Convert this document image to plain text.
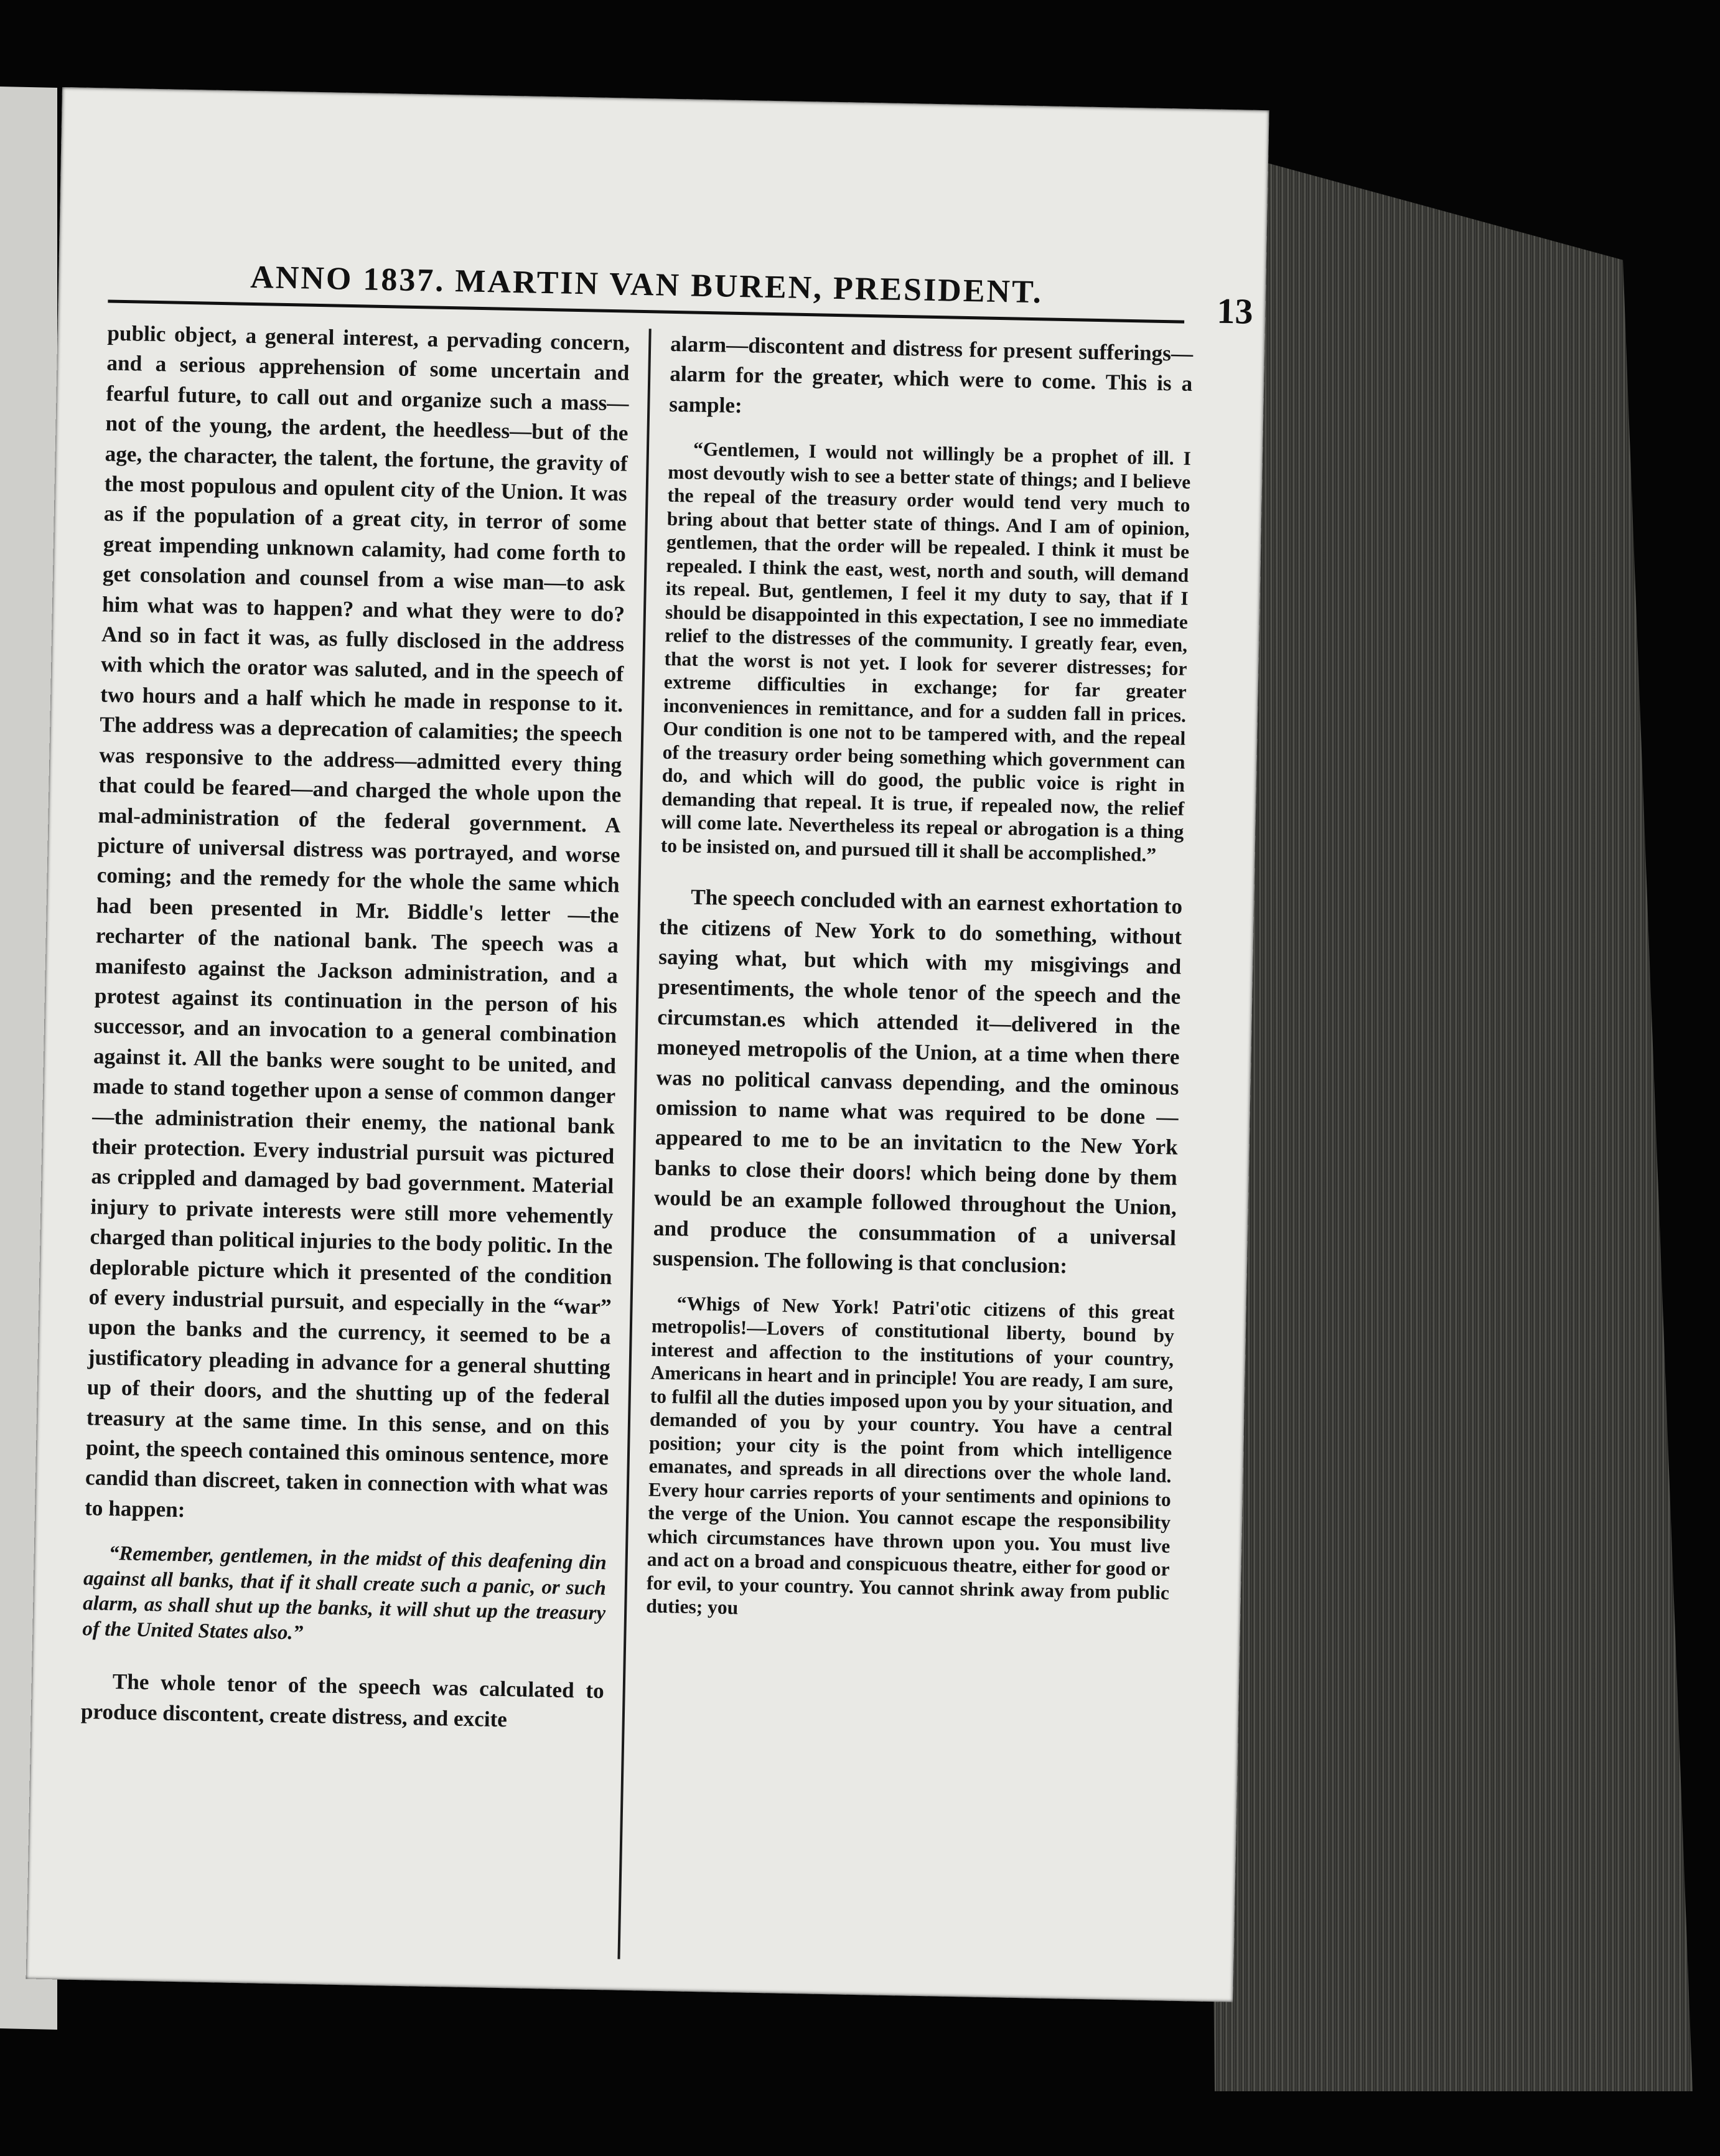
ANNO 1837. MARTIN VAN BUREN, PRESIDENT.
13

public object, a general interest, a pervading concern, and a serious apprehension of some uncertain and fearful future, to call out and organize such a mass—not of the young, the ardent, the heedless—but of the age, the character, the talent, the fortune, the gravity of the most populous and opulent city of the Union. It was as if the population of a great city, in terror of some great impending unknown calamity, had come forth to get consolation and counsel from a wise man—to ask him what was to happen? and what they were to do? And so in fact it was, as fully disclosed in the address with which the orator was saluted, and in the speech of two hours and a half which he made in response to it. The address was a deprecation of calamities; the speech was responsive to the address—admitted every thing that could be feared—and charged the whole upon the mal-administration of the federal government. A picture of universal distress was portrayed, and worse coming; and the remedy for the whole the same which had been presented in Mr. Biddle's letter —the recharter of the national bank. The speech was a manifesto against the Jackson administration, and a protest against its continuation in the person of his successor, and an invocation to a general combination against it. All the banks were sought to be united, and made to stand together upon a sense of common danger—the administration their enemy, the national bank their protection. Every industrial pursuit was pictured as crippled and damaged by bad government. Material injury to private interests were still more vehemently charged than political injuries to the body politic. In the deplorable picture which it presented of the condition of every industrial pursuit, and especially in the “war” upon the banks and the currency, it seemed to be a justificatory pleading in advance for a general shutting up of their doors, and the shutting up of the federal treasury at the same time. In this sense, and on this point, the speech contained this ominous sentence, more candid than discreet, taken in connection with what was to happen:

“Remember, gentlemen, in the midst of this deafening din against all banks, that if it shall create such a panic, or such alarm, as shall shut up the banks, it will shut up the treasury of the United States also.”

The whole tenor of the speech was calculated to produce discontent, create distress, and excite

alarm—discontent and distress for present sufferings—alarm for the greater, which were to come. This is a sample:

“Gentlemen, I would not willingly be a prophet of ill. I most devoutly wish to see a better state of things; and I believe the repeal of the treasury order would tend very much to bring about that better state of things. And I am of opinion, gentlemen, that the order will be repealed. I think it must be repealed. I think the east, west, north and south, will demand its repeal. But, gentlemen, I feel it my duty to say, that if I should be disappointed in this expectation, I see no immediate relief to the distresses of the community. I greatly fear, even, that the worst is not yet. I look for severer distresses; for extreme difficulties in exchange; for far greater inconveniences in remittance, and for a sudden fall in prices. Our condition is one not to be tampered with, and the repeal of the treasury order being something which government can do, and which will do good, the public voice is right in demanding that repeal. It is true, if repealed now, the relief will come late. Nevertheless its repeal or abrogation is a thing to be insisted on, and pursued till it shall be accomplished.”

The speech concluded with an earnest exhortation to the citizens of New York to do something, without saying what, but which with my misgivings and presentiments, the whole tenor of the speech and the circumstan.es which attended it—delivered in the moneyed metropolis of the Union, at a time when there was no political canvass depending, and the ominous omission to name what was required to be done —appeared to me to be an invitaticn to the New York banks to close their doors! which being done by them would be an example followed throughout the Union, and produce the consummation of a universal suspension. The following is that conclusion:

“Whigs of New York! Patri'otic citizens of this great metropolis!—Lovers of constitutional liberty, bound by interest and affection to the institutions of your country, Americans in heart and in principle! You are ready, I am sure, to fulfil all the duties imposed upon you by your situation, and demanded of you by your country. You have a central position; your city is the point from which intelligence emanates, and spreads in all directions over the whole land. Every hour carries reports of your sentiments and opinions to the verge of the Union. You cannot escape the responsibility which circumstances have thrown upon you. You must live and act on a broad and conspicuous theatre, either for good or for evil, to your country. You cannot shrink away from public duties; you
